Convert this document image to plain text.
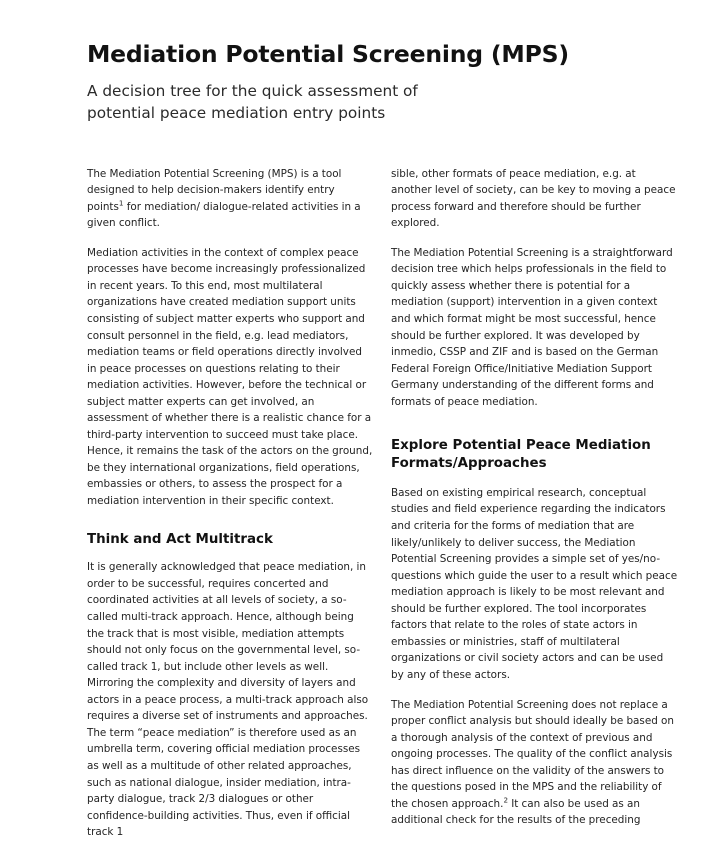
Mediation Potential Screening (MPS)

A decision tree for the quick assessment of potential peace mediation entry points

The Mediation Potential Screening (MPS) is a tool designed to help decision-makers identify entry points$^1$ for mediation/ dialogue-related activities in a given conflict.

Mediation activities in the context of complex peace processes have become increasingly professionalized in recent years. To this end, most multilateral organizations have created mediation support units consisting of subject matter experts who support and consult personnel in the field, e.g. lead mediators, mediation teams or field operations directly involved in peace processes on questions relating to their mediation activities. However, before the technical or subject matter experts can get involved, an assessment of whether there is a realistic chance for a third-party intervention to succeed must take place. Hence, it remains the task of the actors on the ground, be they international organizations, field operations, embassies or others, to assess the prospect for a mediation intervention in their specific context.

Think and Act Multitrack

It is generally acknowledged that peace mediation, in order to be successful, requires concerted and coordinated activities at all levels of society, a so-called multi-track approach. Hence, although being the track that is most visible, mediation attempts should not only focus on the governmental level, so-called track 1, but include other levels as well. Mirroring the complexity and diversity of layers and actors in a peace process, a multi-track approach also requires a diverse set of instruments and approaches. The term “peace mediation” is therefore used as an umbrella term, covering official mediation processes as well as a multitude of other related approaches, such as national dialogue, insider mediation, intra-party dialogue, track 2/3 dialogues or other confidence-building activities. Thus, even if official track 1

sible, other formats of peace mediation, e.g. at another level of society, can be key to moving a peace process forward and therefore should be further explored.

The Mediation Potential Screening is a straightforward decision tree which helps professionals in the field to quickly assess whether there is potential for a mediation (support) intervention in a given context and which format might be most successful, hence should be further explored. It was developed by inmedio, CSSP and ZIF and is based on the German Federal Foreign Office/Initiative Mediation Support Germany understanding of the different forms and formats of peace mediation.

Explore Potential Peace Mediation Formats/Approaches

Based on existing empirical research, conceptual studies and field experience regarding the indicators and criteria for the forms of mediation that are likely/unlikely to deliver success, the Mediation Potential Screening provides a simple set of yes/no-questions which guide the user to a result which peace mediation approach is likely to be most relevant and should be further explored. The tool incorporates factors that relate to the roles of state actors in embassies or ministries, staff of multilateral organizations or civil society actors and can be used by any of these actors.

The Mediation Potential Screening does not replace a proper conflict analysis but should ideally be based on a thorough analysis of the context of previous and ongoing processes. The quality of the conflict analysis has direct influence on the validity of the answers to the questions posed in the MPS and the reliability of the chosen approach.$^2$ It can also be used as an additional check for the results of the preceding
